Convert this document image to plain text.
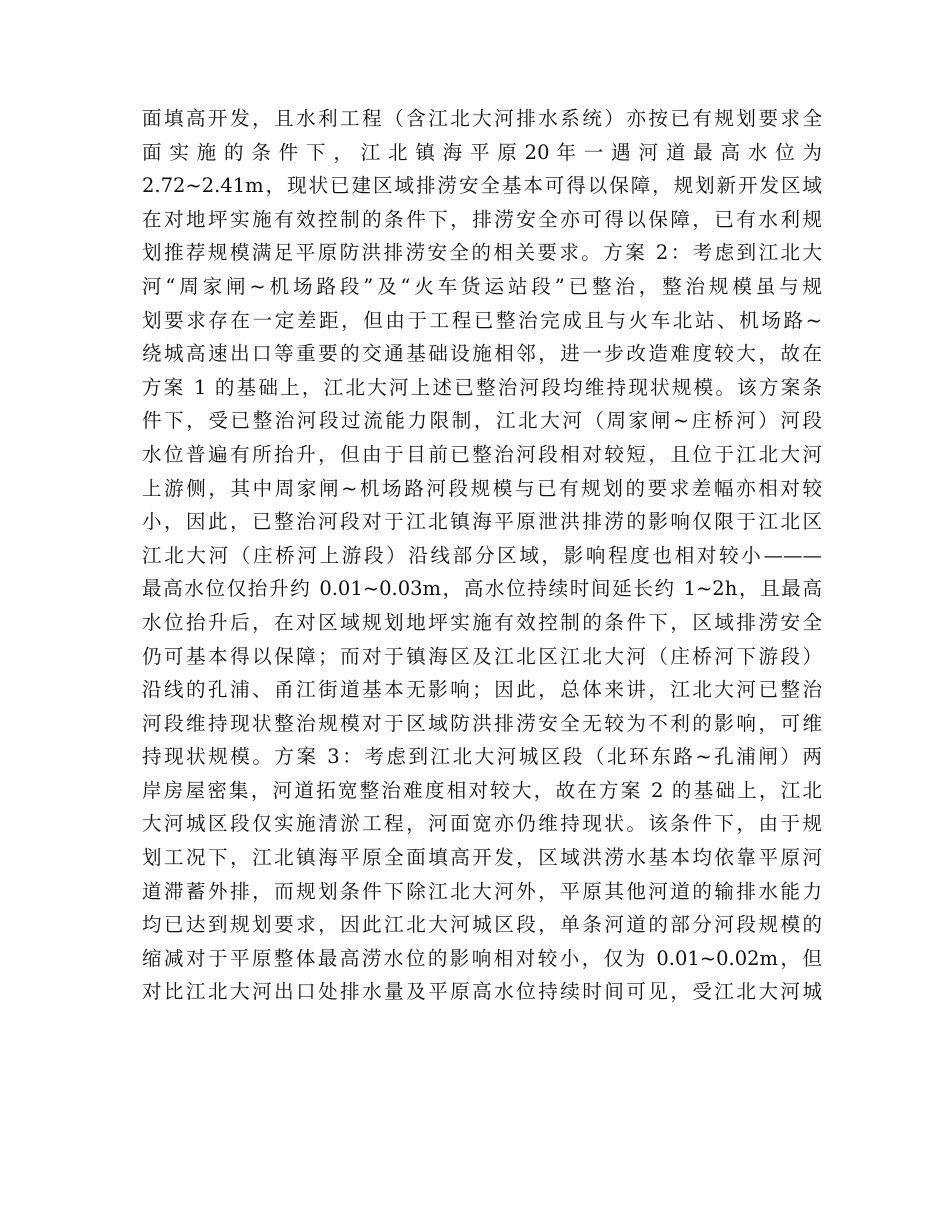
面填高开发，且水利工程（含江北大河排水系统）亦按已有规划要求全
面 实 施 的 条 件 下 ， 江 北 镇 海 平 原 20 年 一 遇 河 道 最 高 水 位 为
2.72~2.41m，现状已建区域排涝安全基本可得以保障，规划新开发区域
在对地坪实施有效控制的条件下，排涝安全亦可得以保障，已有水利规
划推荐规模满足平原防洪排涝安全的相关要求。方案 2：考虑到江北大
河“周家闸~机场路段”及“火车货运站段”已整治，整治规模虽与规
划要求存在一定差距，但由于工程已整治完成且与火车北站、机场路~
绕城高速出口等重要的交通基础设施相邻，进一步改造难度较大，故在
方案 1 的基础上，江北大河上述已整治河段均维持现状规模。该方案条
件下，受已整治河段过流能力限制，江北大河（周家闸~庄桥河）河段
水位普遍有所抬升，但由于目前已整治河段相对较短，且位于江北大河
上游侧，其中周家闸~机场路河段规模与已有规划的要求差幅亦相对较
小，因此，已整治河段对于江北镇海平原泄洪排涝的影响仅限于江北区
江北大河（庄桥河上游段）沿线部分区域，影响程度也相对较小———
最高水位仅抬升约 0.01~0.03m，高水位持续时间延长约 1~2h，且最高
水位抬升后，在对区域规划地坪实施有效控制的条件下，区域排涝安全
仍可基本得以保障；而对于镇海区及江北区江北大河（庄桥河下游段）
沿线的孔浦、甬江街道基本无影响；因此，总体来讲，江北大河已整治
河段维持现状整治规模对于区域防洪排涝安全无较为不利的影响，可维
持现状规模。方案 3：考虑到江北大河城区段（北环东路~孔浦闸）两
岸房屋密集，河道拓宽整治难度相对较大，故在方案 2 的基础上，江北
大河城区段仅实施清淤工程，河面宽亦仍维持现状。该条件下，由于规
划工况下，江北镇海平原全面填高开发，区域洪涝水基本均依靠平原河
道滞蓄外排，而规划条件下除江北大河外，平原其他河道的输排水能力
均已达到规划要求，因此江北大河城区段，单条河道的部分河段规模的
缩减对于平原整体最高涝水位的影响相对较小，仅为 0.01~0.02m，但
对比江北大河出口处排水量及平原高水位持续时间可见，受江北大河城
